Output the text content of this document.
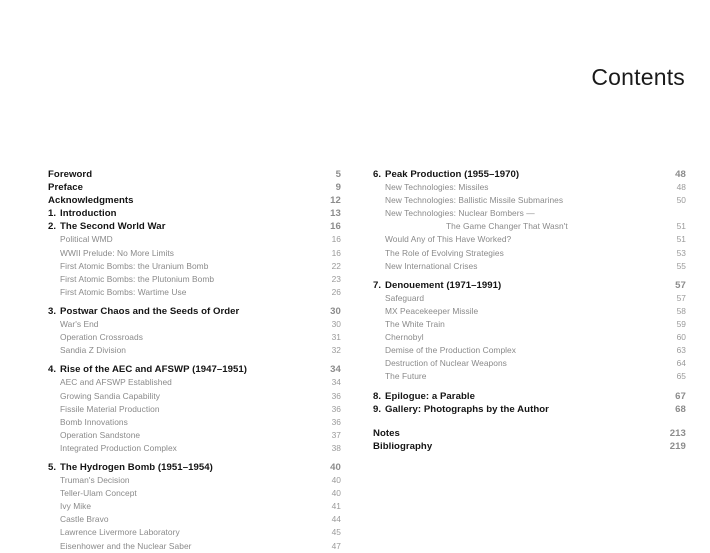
Contents
Foreword	5
Preface	9
Acknowledgments	12
1. Introduction	13
2. The Second World War	16
Political WMD	16
WWII Prelude: No More Limits	16
First Atomic Bombs: the Uranium Bomb	22
First Atomic Bombs: the Plutonium Bomb	23
First Atomic Bombs: Wartime Use	26
3. Postwar Chaos and the Seeds of Order	30
War's End	30
Operation Crossroads	31
Sandia Z Division	32
4. Rise of the AEC and AFSWP (1947–1951)	34
AEC and AFSWP Established	34
Growing Sandia Capability	36
Fissile Material Production	36
Bomb Innovations	36
Operation Sandstone	37
Integrated Production Complex	38
5. The Hydrogen Bomb (1951–1954)	40
Truman's Decision	40
Teller-Ulam Concept	40
Ivy Mike	41
Castle Bravo	44
Lawrence Livermore Laboratory	45
Eisenhower and the Nuclear Saber	47
6. Peak Production (1955–1970)	48
New Technologies: Missiles	48
New Technologies: Ballistic Missile Submarines	50
New Technologies: Nuclear Bombers —
The Game Changer That Wasn't	51
Would Any of This Have Worked?	51
The Role of Evolving Strategies	53
New International Crises	55
7. Denouement (1971–1991)	57
Safeguard	57
MX Peacekeeper Missile	58
The White Train	59
Chernobyl	60
Demise of the Production Complex	63
Destruction of Nuclear Weapons	64
The Future	65
8. Epilogue: a Parable	67
9. Gallery: Photographs by the Author	68
Notes	213
Bibliography	219
